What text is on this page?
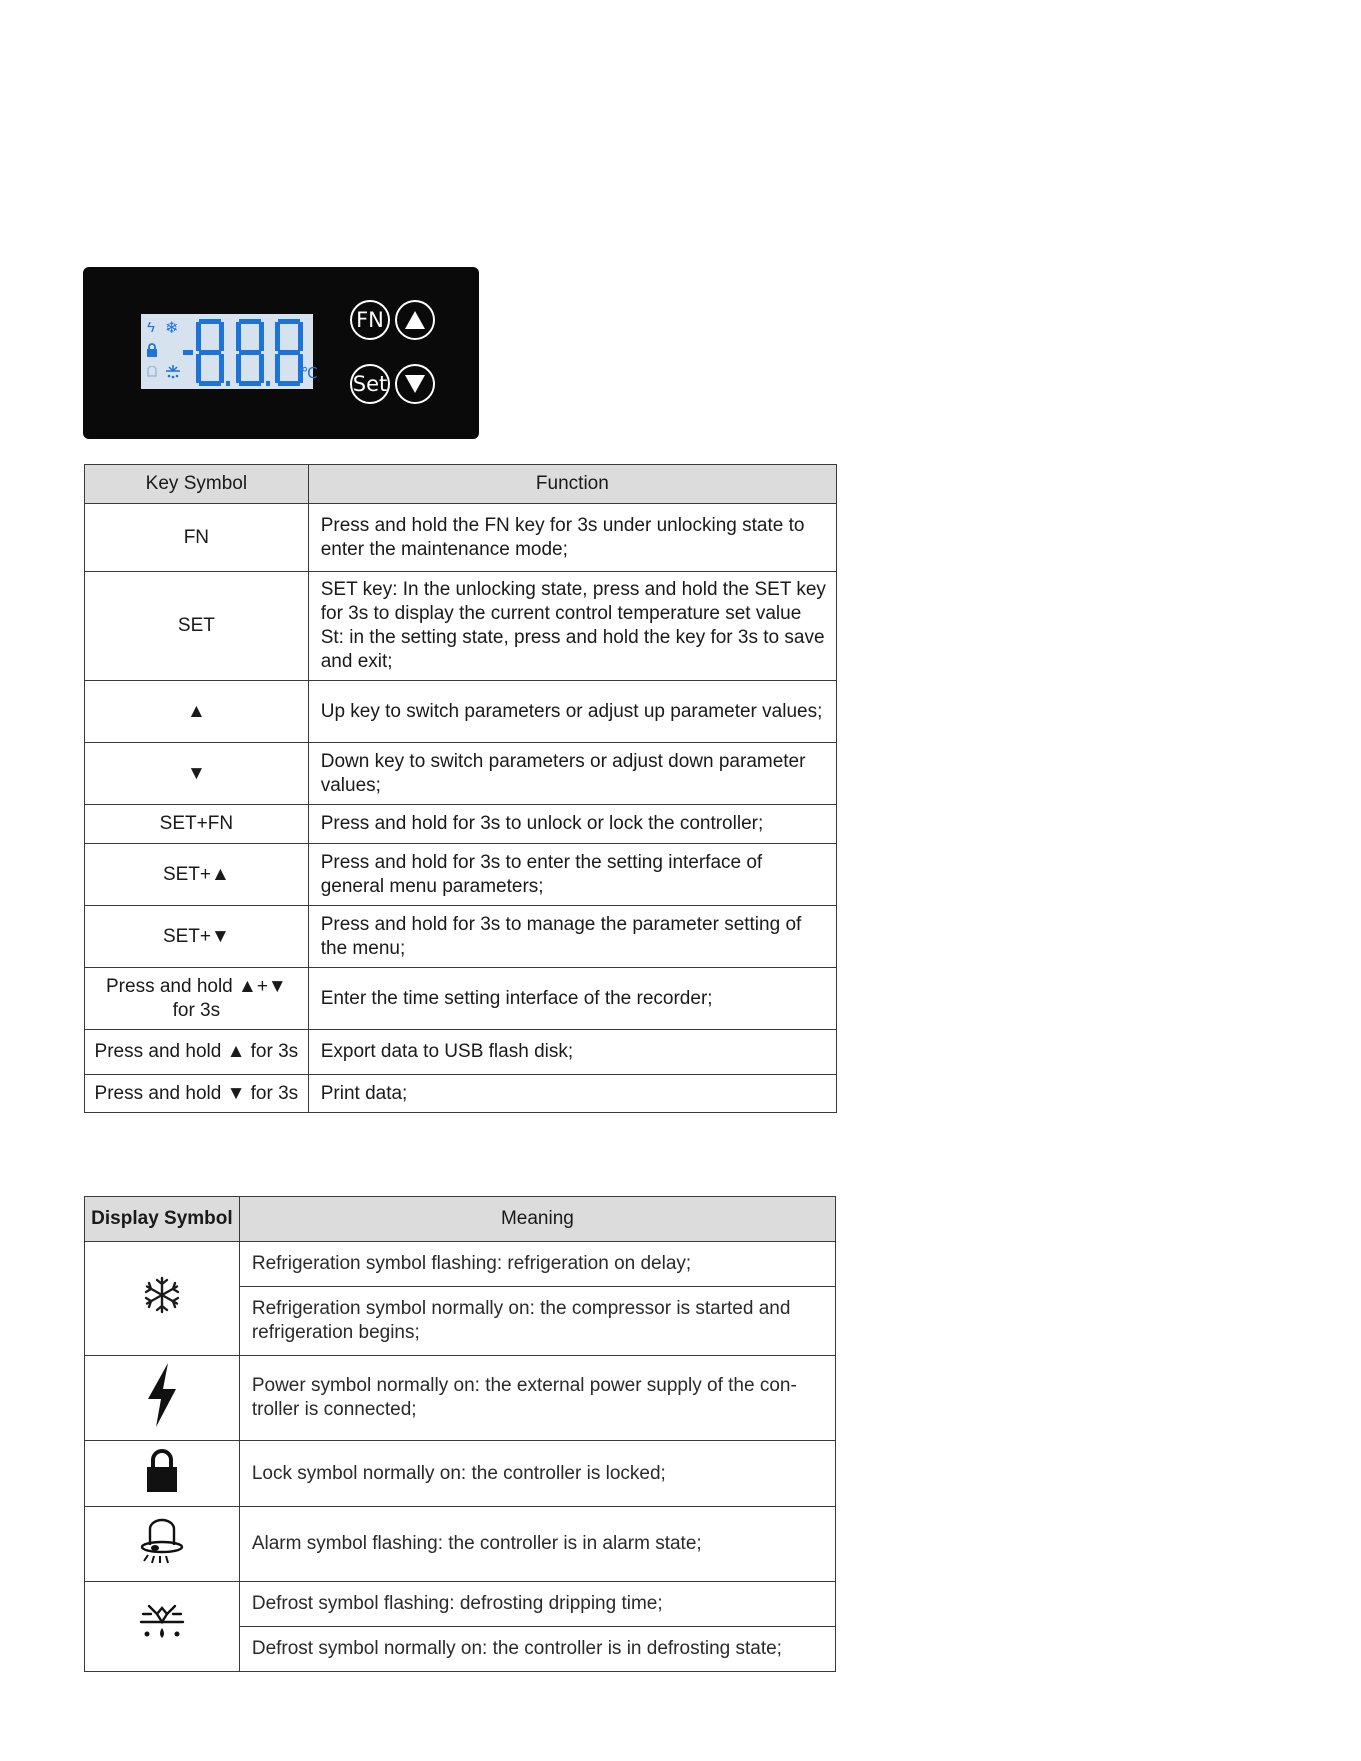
ϟ ❄
℃
FN
Set
Key Symbol	Function
FN	Press and hold the FN key for 3s under unlocking state to enter the maintenance mode;
SET	SET key: In the unlocking state, press and hold the SET key for 3s to display the current control temperature set value St: in the setting state, press and hold the key for 3s to save and exit;
▲	Up key to switch parameters or adjust up parameter values;
▼	Down key to switch parameters or adjust down parameter values;
SET+FN	Press and hold for 3s to unlock or lock the controller;
SET+▲	Press and hold for 3s to enter the setting interface of general menu parameters;
SET+▼	Press and hold for 3s to manage the parameter setting of the menu;
Press and hold ▲+▼ for 3s	Enter the time setting interface of the recorder;
Press and hold ▲ for 3s	Export data to USB flash disk;
Press and hold ▼ for 3s	Print data;
Display Symbol	Meaning
	Refrigeration symbol flashing: refrigeration on delay;
	Refrigeration symbol normally on: the compressor is started and refrigeration begins;
	Power symbol normally on: the external power supply of the con-troller is connected;
	Lock symbol normally on: the controller is locked;
	Alarm symbol flashing: the controller is in alarm state;
	Defrost symbol flashing: defrosting dripping time;
	Defrost symbol normally on: the controller is in defrosting state;
